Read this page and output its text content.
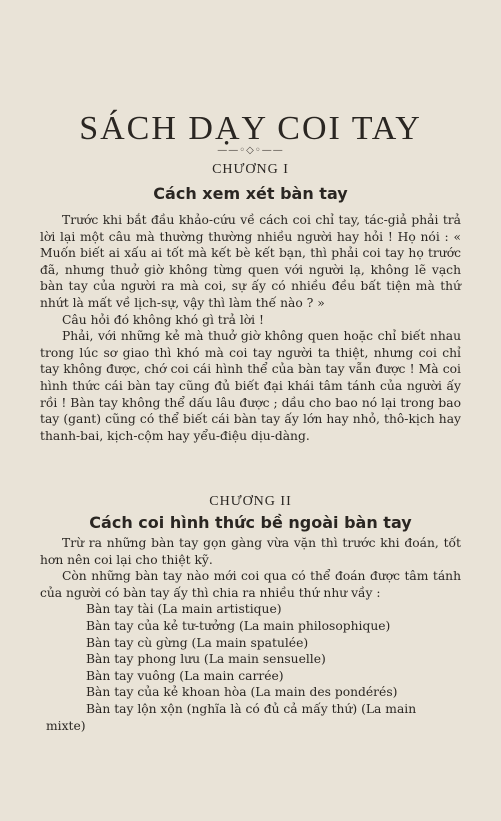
SÁCH DẠY COI TAY
——◦◇◦——
CHƯƠNG I
Cách xem xét bàn tay

Trước khi bắt đầu khảo-cứu về cách coi chỉ tay, tác-giả phải trả lời lại một câu mà thường thường nhiều người hay hỏi ! Họ nói : « Muốn biết ai xấu ai tốt mà kết bè kết bạn, thì phải coi tay họ trước đã, nhưng thuở giờ không từng quen với người lạ, không lẽ vạch bàn tay của người ra mà coi, sự ấy có nhiều đều bất tiện mà thứ nhứt là mất về lịch-sự, vậy thì làm thế nào ? »

Câu hỏi đó không khó gì trả lời !

Phải, với những kẻ mà thuở giờ không quen hoặc chỉ biết nhau trong lúc sơ giao thì khó mà coi tay người ta thiệt, nhưng coi chỉ tay không được, chớ coi cái hình thể của bàn tay vẫn được ! Mà coi hình thức cái bàn tay cũng đủ biết đại khái tâm tánh của người ấy rồi ! Bàn tay không thể dấu lâu được ; dầu cho bao nó lại trong bao tay (gant) cũng có thể biết cái bàn tay ấy lớn hay nhỏ, thô-kịch hay thanh-bai, kịch-cộm hay yểu-điệu dịu-dàng.

CHƯƠNG II
Cách coi hình thức bề ngoài bàn tay

Trừ ra những bàn tay gọn gàng vừa vặn thì trước khi đoán, tốt hơn nên coi lại cho thiệt kỹ.

Còn những bàn tay nào mới coi qua có thể đoán được tâm tánh của người có bàn tay ấy thì chia ra nhiều thứ như vầy :

Bàn tay tài (La main artistique)

Bàn tay của kẻ tư-tưởng (La main philosophique)

Bàn tay cù gừng (La main spatulée)

Bàn tay phong lưu (La main sensuelle)

Bàn tay vuông (La main carrée)

Bàn tay của kẻ khoan hòa (La main des pondérés)

Bàn tay lộn xộn (nghĩa là có đủ cả mấy thứ) (La main

mixte)
